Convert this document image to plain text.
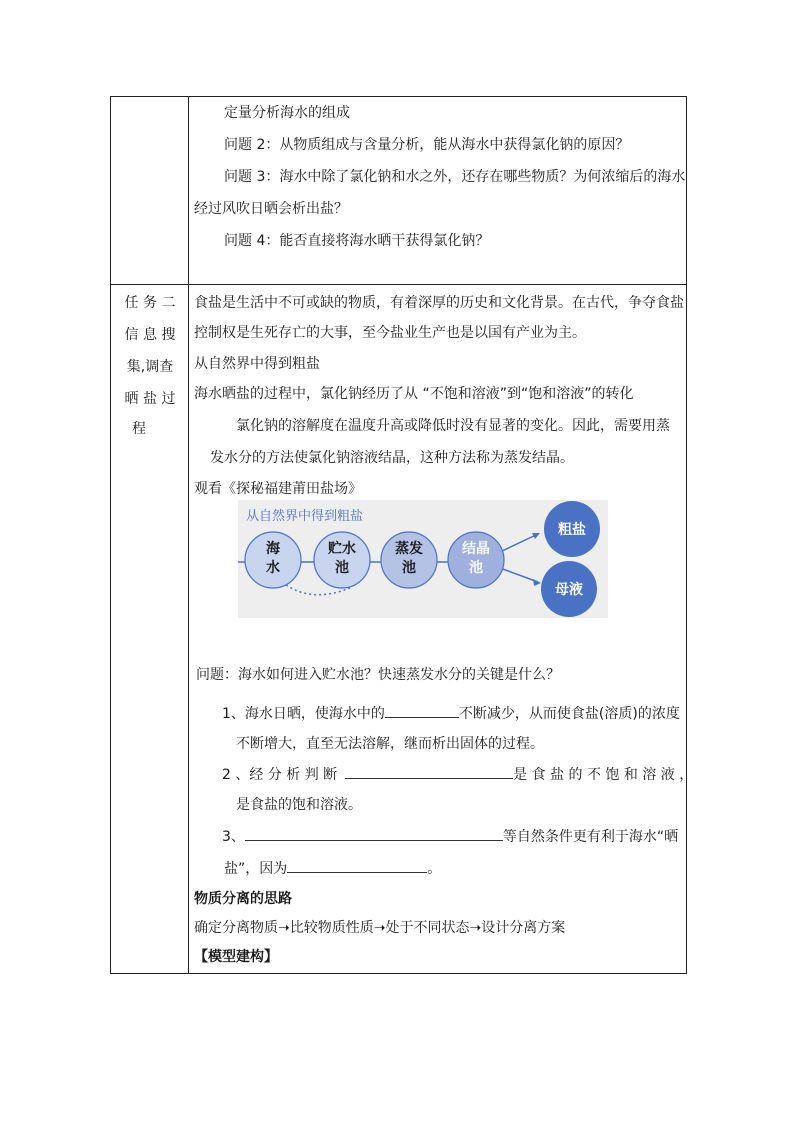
定量分析海水的组成
问题 2：从物质组成与含量分析，能从海水中获得氯化钠的原因？
问题 3：海水中除了氯化钠和水之外，还存在哪些物质？为何浓缩后的海水
经过风吹日晒会析出盐？
问题 4：能否直接将海水晒干获得氯化钠？
任 务 二
信 息 搜
集,调查
晒 盐 过
程
食盐是生活中不可或缺的物质，有着深厚的历史和文化背景。在古代，争夺食盐
控制权是生死存亡的大事，至今盐业生产也是以国有产业为主。
从自然界中得到粗盐
海水晒盐的过程中，氯化钠经历了从 “不饱和溶液”到“饱和溶液”的转化
氯化钠的溶解度在温度升高或降低时没有显著的变化。因此，需要用蒸
发水分的方法使氯化钠溶液结晶，这种方法称为蒸发结晶。
观看《探秘福建莆田盐场》
从自然界中得到粗盐
海
水
贮水
池
蒸发
池
结晶
池
粗盐
母液
问题：海水如何进入贮水池？快速蒸发水分的关键是什么？
1、海水日晒，使海水中的	不断减少，从而使食盐(溶质)的浓度
不断增大，直至无法溶解，继而析出固体的过程。
2 、经 分 析 判 断	是 食 盐 的 不 饱 和 溶 液 ，
是食盐的饱和溶液。
3、	等自然条件更有利于海水“晒
盐”，因为	。
物质分离的思路
确定分离物质➝比较物质性质➝处于不同状态➝设计分离方案
【模型建构】
